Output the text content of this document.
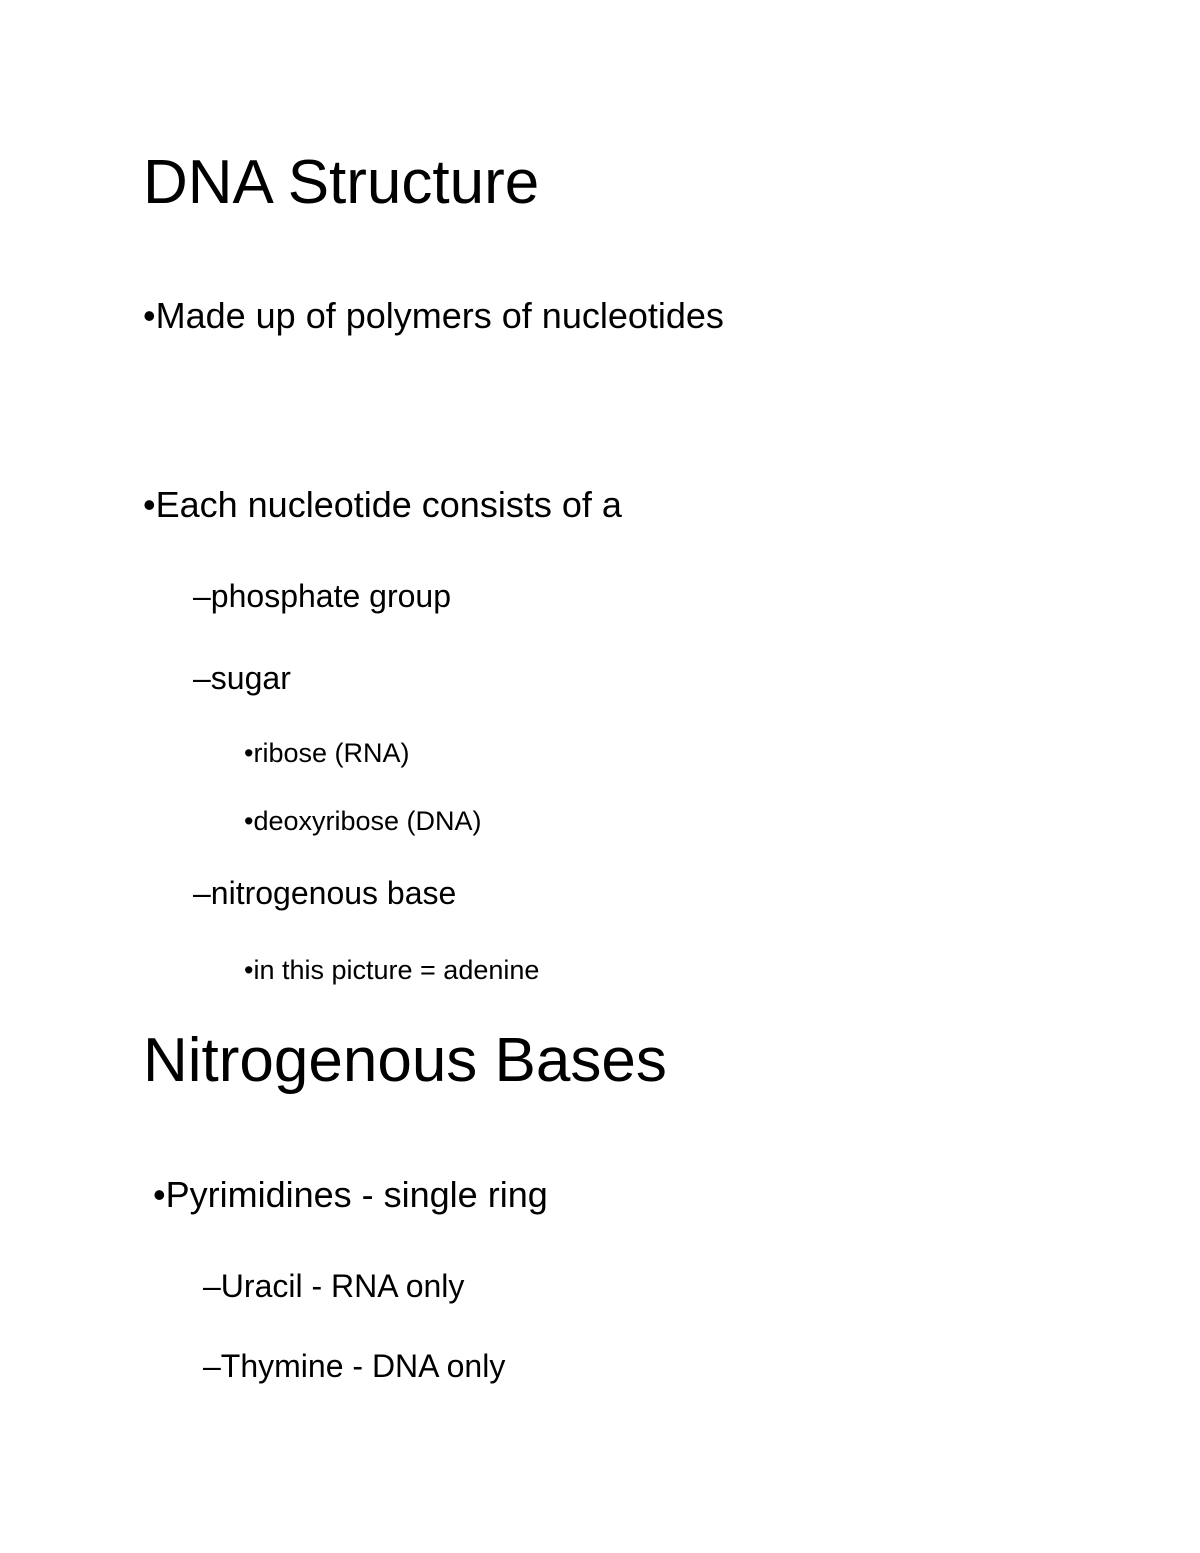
DNA Structure
•Made up of polymers of nucleotides
•Each nucleotide consists of a
–phosphate group
–sugar
•ribose (RNA)
•deoxyribose (DNA)
–nitrogenous base
•in this picture = adenine
Nitrogenous Bases
•Pyrimidines - single ring
–Uracil - RNA only
–Thymine - DNA only
